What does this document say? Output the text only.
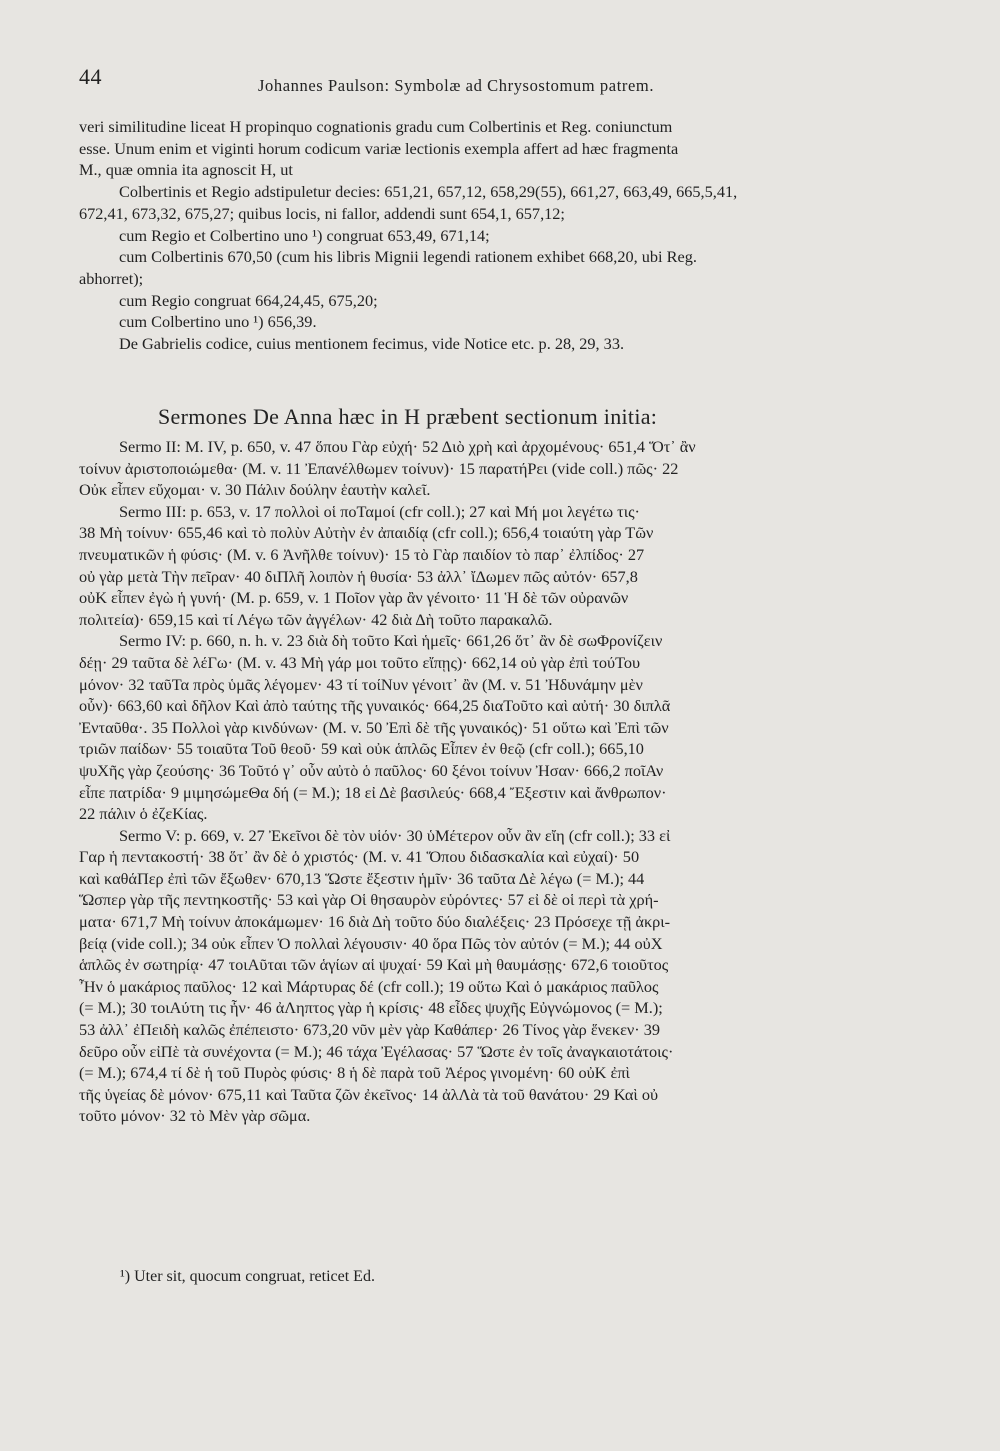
44	Johannes Paulson: Symbolæ ad Chrysostomum patrem.
veri similitudine liceat H propinquo cognationis gradu cum Colbertinis et Reg. coniunctum
esse. Unum enim et viginti horum codicum variæ lectionis exempla affert ad hæc fragmenta
M., quæ omnia ita agnoscit H, ut
Colbertinis et Regio adstipuletur decies: 651,21, 657,12, 658,29(55), 661,27, 663,49, 665,5,41,
672,41, 673,32, 675,27; quibus locis, ni fallor, addendi sunt 654,1, 657,12;
cum Regio et Colbertino uno ¹) congruat 653,49, 671,14;
cum Colbertinis 670,50 (cum his libris Mignii legendi rationem exhibet 668,20, ubi Reg.
abhorret);
cum Regio congruat 664,24,45, 675,20;
cum Colbertino uno ¹) 656,39.
De Gabrielis codice, cuius mentionem fecimus, vide Notice etc. p. 28, 29, 33.
Sermones De Anna hæc in H præbent sectionum initia:
Sermo II: M. IV, p. 650, v. 47 ὅπου Γὰρ εὐχή· 52 Διὸ χρὴ καὶ ἀρχομένους· 651,4 Ὅτ᾽ ἂν
τοίνυν ἀριστοποιώμεθα· (M. v. 11 Ἐπανέλθωμεν τοίνυν)· 15 παρατήΡει (vide coll.) πῶς· 22
Οὐκ εἶπεν εὔχομαι· v. 30 Πάλιν δούλην ἑαυτὴν καλεῖ.
Sermo III: p. 653, v. 17 πολλοὶ οἱ ποΤαμοί (cfr coll.); 27 καὶ Μή μοι λεγέτω τις·
38 Μὴ τοίνυν· 655,46 καὶ τὸ πολὺν Αὐτὴν ἐν ἀπαιδίᾳ (cfr coll.); 656,4 τοιαύτη γὰρ Τῶν
πνευματικῶν ἡ φύσις· (M. v. 6 Ἀνῆλθε τοίνυν)· 15 τὸ Γὰρ παιδίον τὸ παρ᾽ ἐλπίδος· 27
οὐ γὰρ μετὰ Τὴν πεῖραν· 40 διΠλῆ λοιπὸν ἡ θυσία· 53 ἀλλ᾽ ἴΔωμεν πῶς αὐτόν· 657,8
οὐΚ εἶπεν ἐγὼ ἡ γυνή· (M. p. 659, v. 1 Ποῖον γὰρ ἂν γένοιτο· 11 Ἡ δὲ τῶν οὐρανῶν
πολιτεία)· 659,15 καὶ τί Λέγω τῶν ἀγγέλων· 42 διὰ Δὴ τοῦτο παρακαλῶ.
Sermo IV: p. 660, n. h. v. 23 διὰ δὴ τοῦτο Καὶ ἡμεῖς· 661,26 ὅτ᾽ ἂν δὲ σωΦρονίζειν
δέῃ· 29 ταῦτα δὲ λέΓω· (M. v. 43 Μὴ γάρ μοι τοῦτο εἴπῃς)· 662,14 οὐ γὰρ ἐπὶ τούΤου
μόνον· 32 ταῦΤα πρὸς ὑμᾶς λέγομεν· 43 τί τοίΝυν γένοιτ᾽ ἂν (M. v. 51 Ἠδυνάμην μὲν
οὖν)· 663,60 καὶ δῆλον Καὶ ἀπὸ ταύτης τῆς γυναικός· 664,25 διαΤοῦτο καὶ αὐτή· 30 διπλᾶ
Ἐνταῦθα·. 35 Πολλοὶ γὰρ κινδύνων· (M. v. 50 Ἐπὶ δὲ τῆς γυναικός)· 51 οὕτω καὶ Ἐπὶ τῶν
τριῶν παίδων· 55 τοιαῦτα Τοῦ θεοῦ· 59 καὶ οὐκ ἁπλῶς Εἶπεν ἐν θεῷ (cfr coll.); 665,10
ψυΧῆς γὰρ ζεούσης· 36 Τοῦτό γ᾽ οὖν αὐτὸ ὁ παῦλος· 60 ξένοι τοίνυν Ἠσαν· 666,2 ποῖΑν
εἶπε πατρίδα· 9 μιμησώμεΘα δή (= M.); 18 εἰ Δὲ βασιλεύς· 668,4 Ἔξεστιν καὶ ἄνθρωπον·
22 πάλιν ὁ ἐζεΚίας.
Sermo V: p. 669, v. 27 Ἐκεῖνοι δὲ τὸν υἱόν· 30 ὑΜέτερον οὖν ἂν εἴη (cfr coll.); 33 εἰ
Γαρ ἡ πεντακοστή· 38 ὅτ᾽ ἂν δὲ ὁ χριστός· (M. v. 41 Ὅπου διδασκαλία καὶ εὐχαί)· 50
καὶ καθάΠερ ἐπὶ τῶν ἔξωθεν· 670,13 Ὥστε ἔξεστιν ἡμῖν· 36 ταῦτα Δὲ λέγω (= M.); 44
Ὥσπερ γὰρ τῆς πεντηκοστῆς· 53 καὶ γὰρ Οἱ θησαυρὸν εὑρόντες· 57 εἰ δὲ οἱ περὶ τὰ χρή-
ματα· 671,7 Μὴ τοίνυν ἀποκάμωμεν· 16 διὰ Δὴ τοῦτο δύο διαλέξεις· 23 Πρόσεχε τῇ ἀκρι-
βείᾳ (vide coll.); 34 οὐκ εἶπεν Ὁ πολλαὶ λέγουσιν· 40 ὅρα Πῶς τὸν αὐτόν (= M.); 44 οὐΧ
ἁπλῶς ἐν σωτηρίᾳ· 47 τοιΑῦται τῶν ἁγίων αἱ ψυχαί· 59 Καὶ μὴ θαυμάσῃς· 672,6 τοιοῦτος
Ἦν ὁ μακάριος παῦλος· 12 καὶ Μάρτυρας δέ (cfr coll.); 19 οὕτω Καὶ ὁ μακάριος παῦλος
(= M.); 30 τοιΑύτη τις ἦν· 46 ἀΛηπτος γὰρ ἡ κρίσις· 48 εἶδες ψυχῆς Εὐγνώμονος (= M.);
53 ἀλλ᾽ ἐΠειδὴ καλῶς ἐπέπειστο· 673,20 νῦν μὲν γὰρ Καθάπερ· 26 Τίνος γὰρ ἕνεκεν· 39
δεῦρο οὖν εἰΠὲ τὰ συνέχοντα (= M.); 46 τάχα Ἐγέλασας· 57 Ὥστε ἐν τοῖς ἀναγκαιοτάτοις·
(= M.); 674,4 τί δὲ ἡ τοῦ Πυρὸς φύσις· 8 ἡ δὲ παρὰ τοῦ Ἀέρος γινομένη· 60 οὐΚ ἐπὶ
τῆς ὑγείας δὲ μόνον· 675,11 καὶ Ταῦτα ζῶν ἐκεῖνος· 14 ἀλΛὰ τὰ τοῦ θανάτου· 29 Καὶ οὐ
τοῦτο μόνον· 32 τὸ Μὲν γὰρ σῶμα.
¹) Uter sit, quocum congruat, reticet Ed.
